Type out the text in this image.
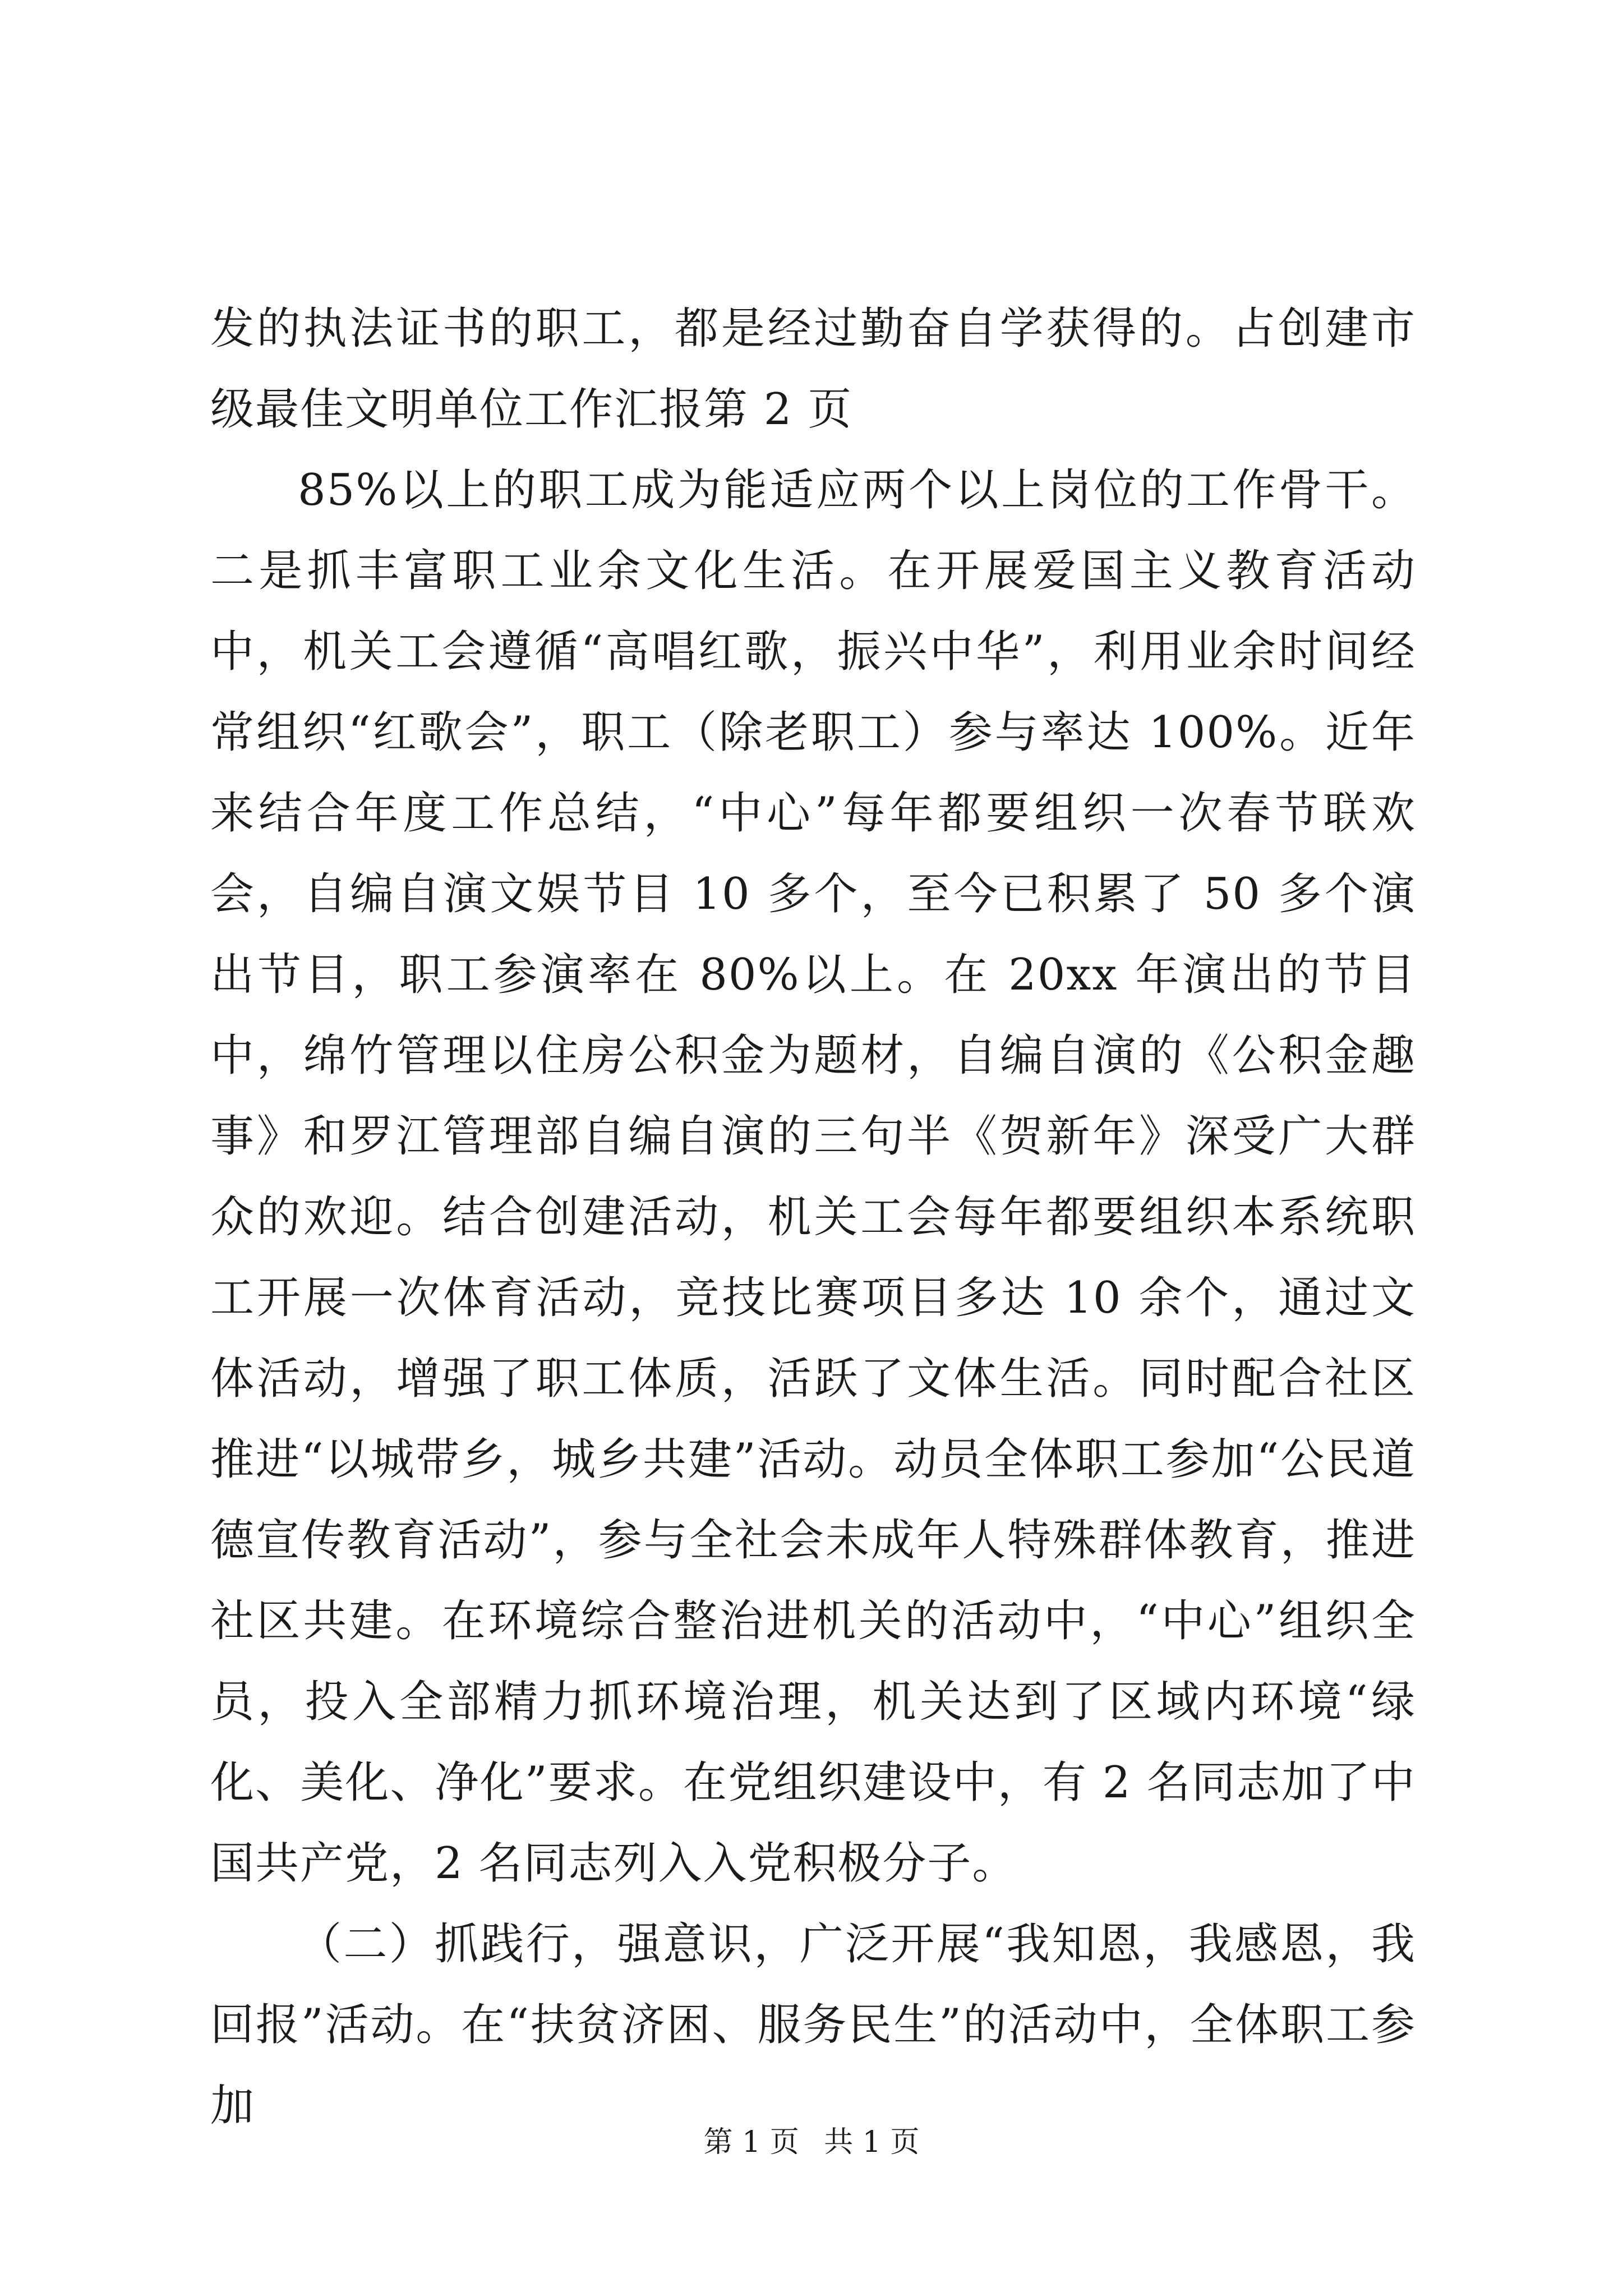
发的执法证书的职工，都是经过勤奋自学获得的。占创建市级最佳文明单位工作汇报第 2 页

85%以上的职工成为能适应两个以上岗位的工作骨干。二是抓丰富职工业余文化生活。在开展爱国主义教育活动中，机关工会遵循“高唱红歌，振兴中华”，利用业余时间经常组织“红歌会”，职工（除老职工）参与率达 100%。近年来结合年度工作总结，“中心”每年都要组织一次春节联欢会，自编自演文娱节目 10 多个，至今已积累了 50 多个演出节目，职工参演率在 80%以上。在 20xx 年演出的节目中，绵竹管理以住房公积金为题材，自编自演的《公积金趣事》和罗江管理部自编自演的三句半《贺新年》深受广大群众的欢迎。结合创建活动，机关工会每年都要组织本系统职工开展一次体育活动，竞技比赛项目多达 10 余个，通过文体活动，增强了职工体质，活跃了文体生活。同时配合社区推进“以城带乡，城乡共建”活动。动员全体职工参加“公民道德宣传教育活动”，参与全社会未成年人特殊群体教育，推进社区共建。在环境综合整治进机关的活动中，“中心”组织全员，投入全部精力抓环境治理，机关达到了区域内环境“绿化、美化、净化”要求。在党组织建设中，有 2 名同志加了中国共产党，2 名同志列入入党积极分子。

（二）抓践行，强意识，广泛开展“我知恩，我感恩，我回报”活动。在“扶贫济困、服务民生”的活动中，全体职工参加

第 1 页 共 1 页
